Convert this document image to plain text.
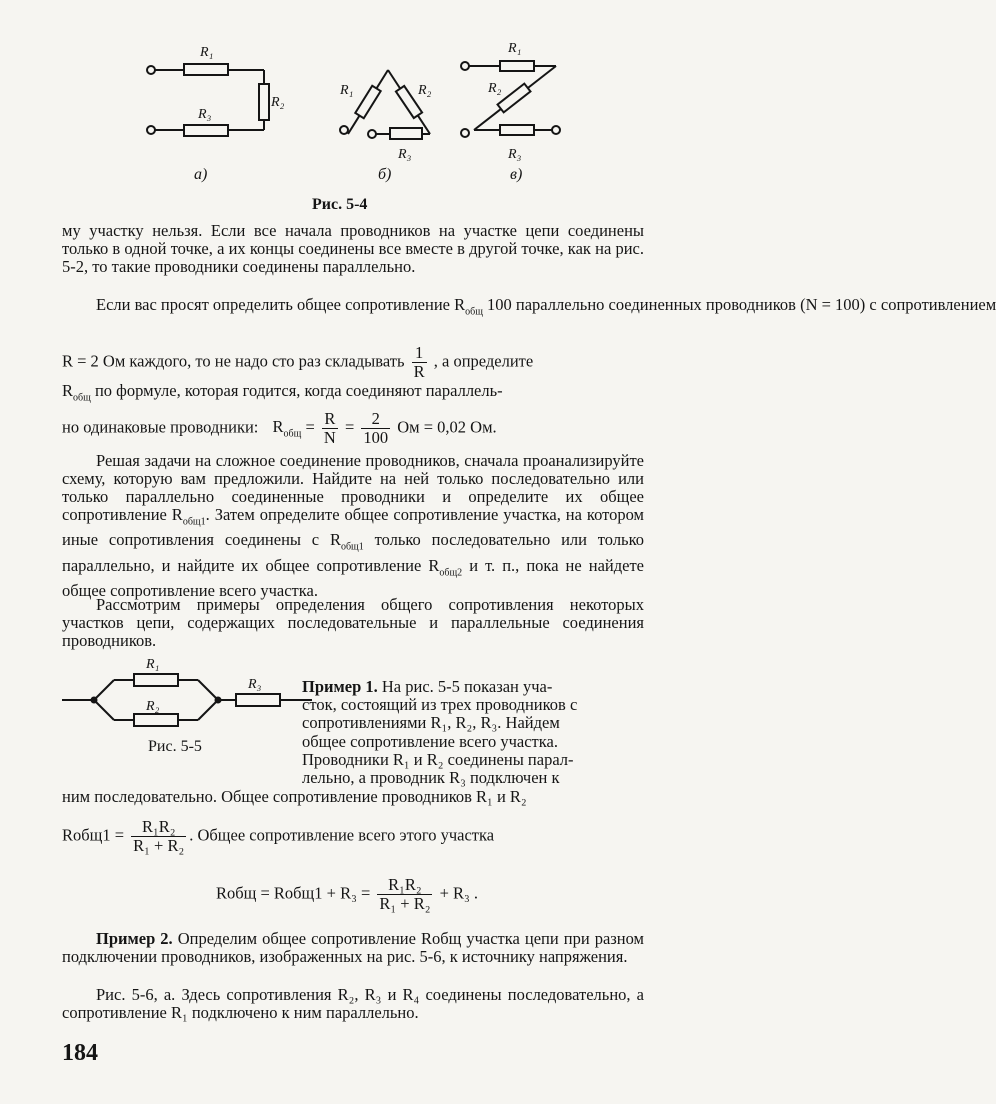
R₁
R₂
R₃
R₁	R₂
R₃
R₁
R₂
R₃
а)	б)	в)
Рис. 5-4
му участку нельзя. Если все начала проводников на участке цепи соединены только в одной точке, а их концы соединены все вместе в другой точке, как на рис. 5-2, то такие проводники соединены параллельно.
Если вас просят определить общее сопротивление $R_{общ}$ 100 параллельно соединенных проводников (N = 100) с сопротивлением
R = 2 Ом каждого, то не надо сто раз складывать $\frac{1}{R}$ , а определите
$R_{общ}$ по формуле, которая годится, когда соединяют параллель-
но одинаковые проводники: $R_{общ} = \frac{R}{N} = \frac{2}{100}$ Ом = 0,02 Ом.
Решая задачи на сложное соединение проводников, сначала проанализируйте схему, которую вам предложили. Найдите на ней только последовательно или только параллельно соединенные проводники и определите их общее сопротивление $R_{общ1}$. Затем определите общее сопротивление участка, на котором иные сопротивления соединены с $R_{общ1}$ только последовательно или только параллельно, и найдите их общее сопротивление $R_{общ2}$ и т. п., пока не найдете общее сопротивление всего участка.
Рассмотрим примеры определения общего сопротивления некоторых участков цепи, содержащих последовательные и параллельные соединения проводников.
R₁
R₂
R₃
Рис. 5-5
Пример 1. На рис. 5-5 показан уча-
сток, состоящий из трех проводников с
сопротивлениями R₁, R₂, R₃. Найдем
общее сопротивление всего участка.
Проводники R₁ и R₂ соединены парал-
лельно, а проводник R₃ подключен к
ним последовательно. Общее сопротивление проводников R₁ и R₂
Rобщ1 = $\frac{\text{R₁R₂}}{\text{R₁ + R₂}}$ . Общее сопротивление всего этого участка
Rобщ = Rобщ1 + $R_3 = \frac{\text{R₁R₂}}{\text{R₁ + R₂}} + R_3$ .
Пример 2. Определим общее сопротивление Rобщ участка цепи при разном подключении проводников, изображенных на рис. 5-6, к источнику напряжения.
Рис. 5-6, а. Здесь сопротивления R₂, R₃ и R₄ соединены последовательно, а сопротивление R₁ подключено к ним параллельно.
184
